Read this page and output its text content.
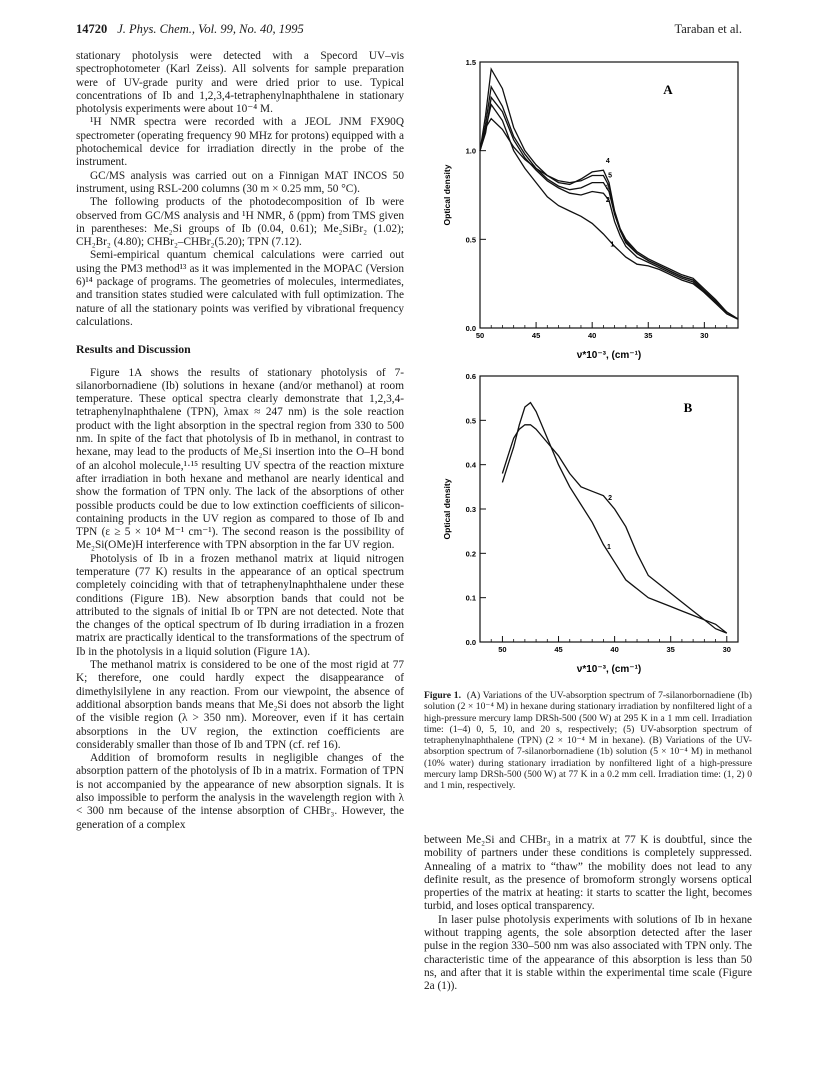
14720 J. Phys. Chem., Vol. 99, No. 40, 1995	Taraban et al.

stationary photolysis were detected with a Specord UV–vis spectrophotometer (Karl Zeiss). All solvents for sample preparation were of UV-grade purity and were dried prior to use. Typical concentrations of Ib and 1,2,3,4-tetraphenylnaphthalene in stationary photolysis experiments were about 10⁻⁴ M.

¹H NMR spectra were recorded with a JEOL JNM FX90Q spectrometer (operating frequency 90 MHz for protons) equipped with a photochemical device for irradiation directly in the probe of the instrument.

GC/MS analysis was carried out on a Finnigan MAT INCOS 50 instrument, using RSL-200 columns (30 m × 0.25 mm, 50 °C).

The following products of the photodecomposition of Ib were observed from GC/MS analysis and ¹H NMR, δ (ppm) from TMS given in parentheses: Me₂Si groups of Ib (0.04, 0.61); Me₂SiBr₂ (1.02); CH₂Br₂ (4.80); CHBr₂–CHBr₂(5.20); TPN (7.12).

Semi-empirical quantum chemical calculations were carried out using the PM3 method¹³ as it was implemented in the MOPAC (Version 6)¹⁴ package of programs. The geometries of molecules, intermediates, and transition states studied were calculated with full optimization. The nature of all the stationary points was verified by vibrational frequency calculations.

Results and Discussion

Figure 1A shows the results of stationary photolysis of 7-silanorbornadiene (Ib) solutions in hexane (and/or methanol) at room temperature. These optical spectra clearly demonstrate that 1,2,3,4-tetraphenylnaphthalene (TPN), λmax ≈ 247 nm) is the sole reaction product with the light absorption in the spectral region from 330 to 500 nm. In spite of the fact that photolysis of Ib in methanol, in contrast to hexane, may lead to the products of Me₂Si insertion into the O–H bond of an alcohol molecule,¹·¹⁵ resulting UV spectra of the reaction mixture after irradiation in both hexane and methanol are nearly identical and show the formation of TPN only. The lack of the absorptions of other possible products could be due to low extinction coefficients of silicon-containing products in the UV region as compared to those of Ib and TPN (ε ≥ 5 × 10⁴ M⁻¹ cm⁻¹). The second reason is the possibility of Me₂Si(OMe)H interference with TPN absorption in the far UV region.

Photolysis of Ib in a frozen methanol matrix at liquid nitrogen temperature (77 K) results in the appearance of an optical spectrum completely coinciding with that of tetraphenylnaphthalene under these conditions (Figure 1B). New absorption bands that could not be attributed to the signals of initial Ib or TPN are not detected. Note that the changes of the optical spectrum of Ib during irradiation in a frozen matrix are practically identical to the transformations of the spectrum of Ib in the photolysis in a liquid solution (Figure 1A).

The methanol matrix is considered to be one of the most rigid at 77 K; therefore, one could hardly expect the disappearance of dimethylsilylene in any reaction. From our viewpoint, the absence of additional absorption bands means that Me₂Si does not absorb the light of the visible region (λ > 350 nm). Moreover, even if it has certain absorptions in the UV region, the extinction coefficients are considerably smaller than those of Ib and TPN (cf. ref 16).

Addition of bromoform results in negligible changes of the absorption pattern of the photolysis of Ib in a matrix. Formation of TPN is not accompanied by the appearance of new absorption signals. It is also impossible to perform the analysis in the wavelength region with λ < 300 nm because of the intense absorption of CHBr₃. However, the generation of a complex

0.0
0.5
1.0
1.5
50	45	40	35	30
1
2
3
4
5
A
Optical density
ν*10⁻³, (cm⁻¹)
0.0
0.1
0.2
0.3
0.4
0.5
0.6
50	45	40	35	30
1
2
B
Optical density
ν*10⁻³, (cm⁻¹)
Figure 1. (A) Variations of the UV-absorption spectrum of 7-silanorbornadiene (Ib) solution (2 × 10⁻⁴ M) in hexane during stationary irradiation by nonfiltered light of a high-pressure mercury lamp DRSh-500 (500 W) at 295 K in a 1 mm cell. Irradiation time: (1–4) 0, 5, 10, and 20 s, respectively; (5) UV-absorption spectrum of tetraphenylnaphthalene (TPN) (2 × 10⁻⁴ M in hexane). (B) Variations of the UV-absorption spectrum of 7-silanorbornadiene (1b) solution (5 × 10⁻⁴ M) in methanol (10% water) during stationary irradiation by nonfiltered light of a high-pressure mercury lamp DRSh-500 (500 W) at 77 K in a 0.2 mm cell. Irradiation time: (1, 2) 0 and 1 min, respectively.

between Me₂Si and CHBr₃ in a matrix at 77 K is doubtful, since the mobility of partners under these conditions is completely suppressed. Annealing of a matrix to “thaw” the mobility does not lead to any definite result, as the presence of bromoform strongly worsens optical properties of the matrix at heating: it starts to scatter the light, becomes turbid, and loses optical transparency.

In laser pulse photolysis experiments with solutions of Ib in hexane without trapping agents, the sole absorption detected after the laser pulse in the region 330–500 nm was also associated with TPN only. The characteristic time of the appearance of this absorption is less than 50 ns, and after that it is stable within the experimental time scale (Figure 2a (1)).
